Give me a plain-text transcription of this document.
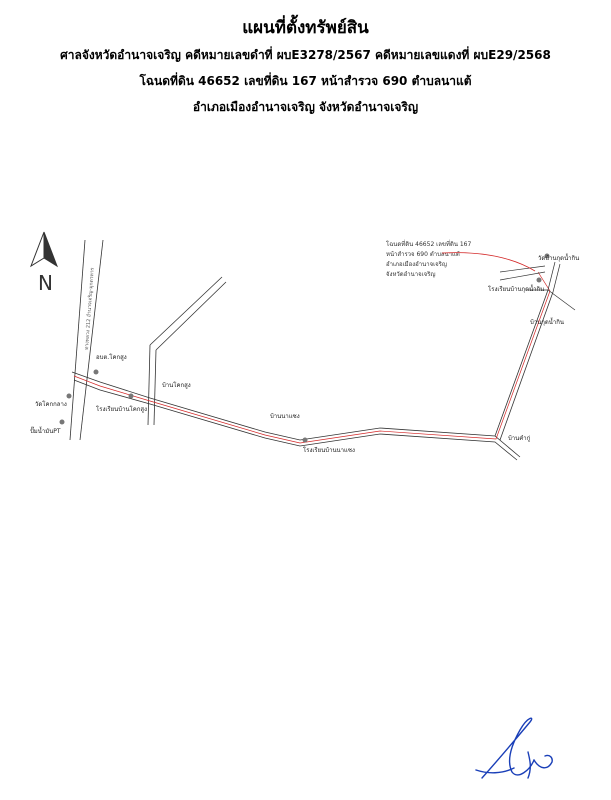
แผนที่ตั้งทรัพย์สิน
ศาลจังหวัดอำนาจเจริญ คดีหมายเลขดำที่ ผบE3278/2567 คดีหมายเลขแดงที่ ผบE29/2568
โฉนดที่ดิน 46652 เลขที่ดิน 167 หน้าสำรวจ 690 ตำบลนาแต้
อำเภอเมืองอำนาจเจริญ จังหวัดอำนาจเจริญ
N	ทางหลวง 212 อำนาจเจริญ-มุกดาหาร
โฉนดที่ดิน 46652 เลขที่ดิน 167
หน้าสำรวจ 690 ตำบลนาแต้
อำเภอเมืองอำนาจเจริญ
จังหวัดอำนาจเจริญ
วัดบ้านกุดน้ำกิน
โรงเรียนบ้านกุดน้ำกิน
บ้านกุดน้ำกิน
บ้านคำกู่
บ้านนาแซง
โรงเรียนบ้านนาแซง
บ้านโคกสูง
โรงเรียนบ้านโคกสูง
อบต.โคกสูง
วัดโคกกลาง
ปั๊มน้ำมันPT
